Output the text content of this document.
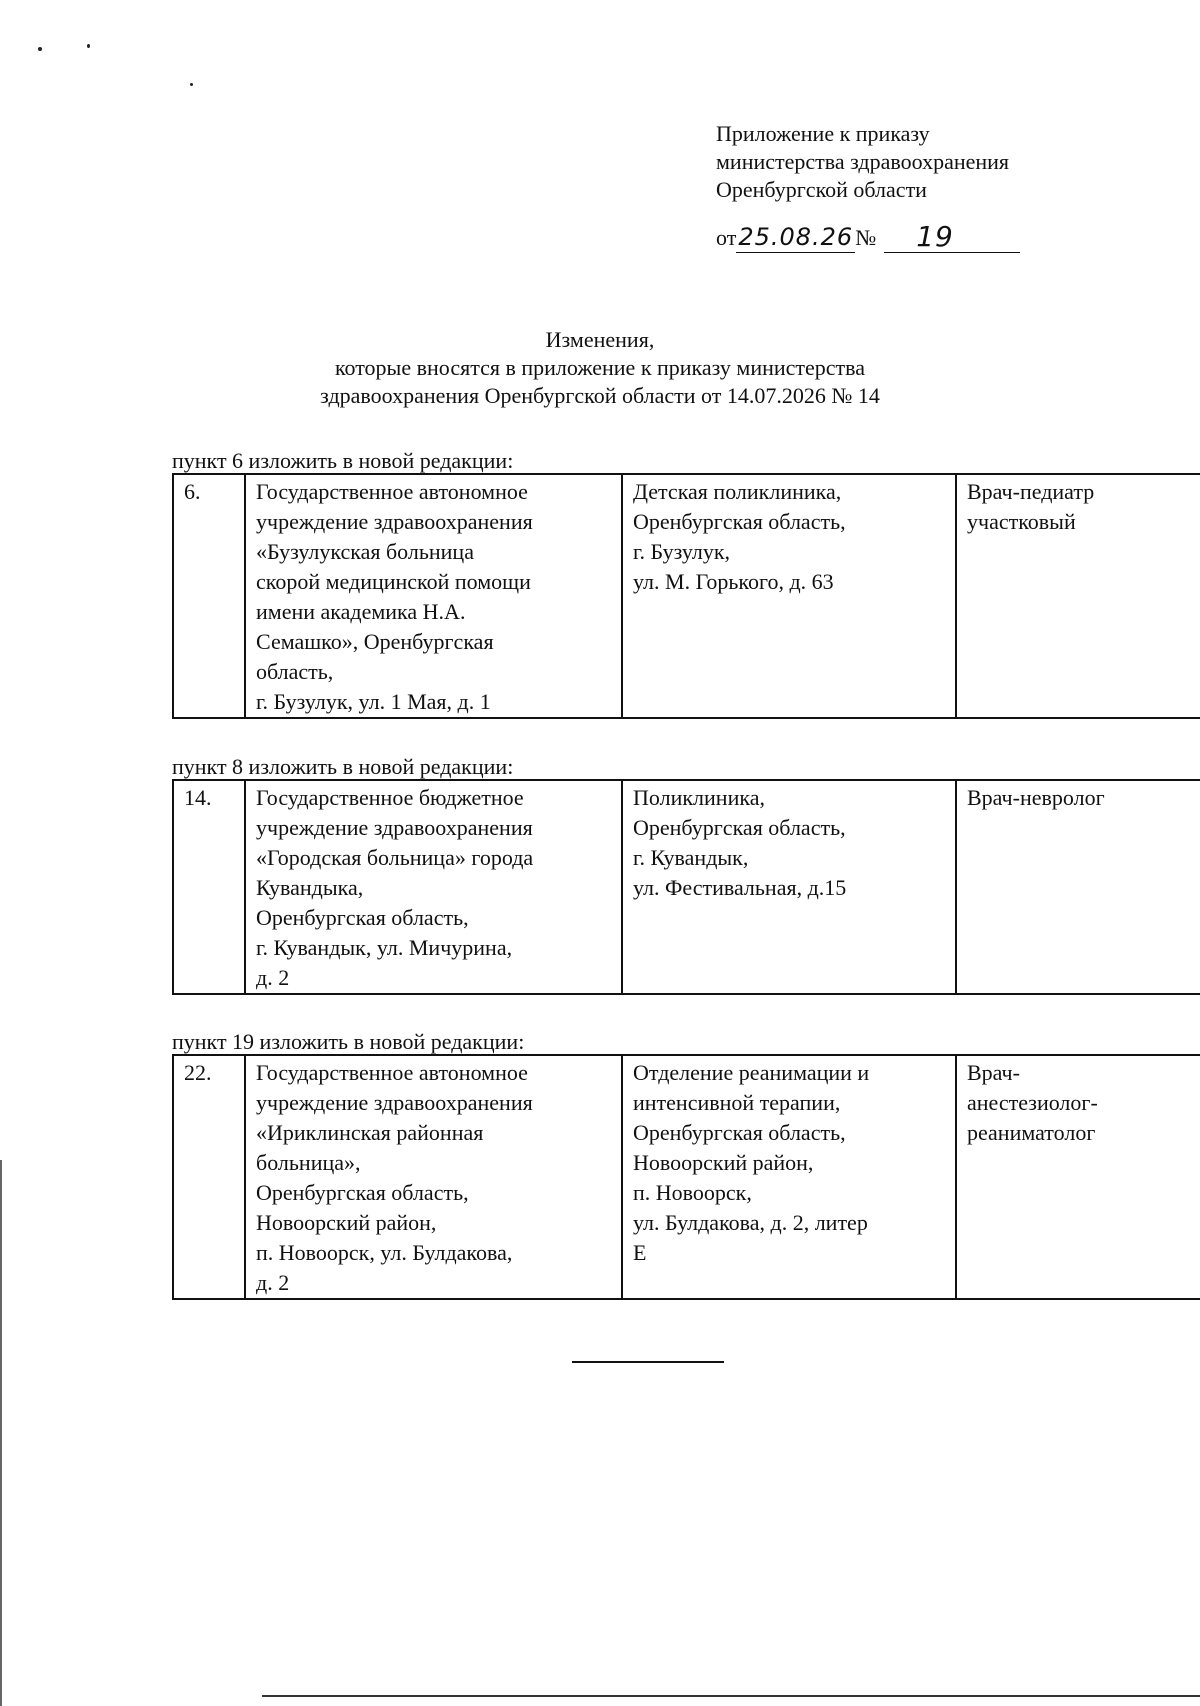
Приложение к приказу
министерства здравоохранения
Оренбургской области
от 25.08.26 №	19
Изменения,
которые вносятся в приложение к приказу министерства
здравоохранения Оренбургской области от 14.07.2026 № 14
пункт 6 изложить в новой редакции:
6.	Государственное автономное
учреждение здравоохранения
«Бузулукская больница
скорой медицинской помощи
имени академика Н.А.
Семашко», Оренбургская
область,
г. Бузулук, ул. 1 Мая, д. 1

Детская поликлиника,
Оренбургская область,
г. Бузулук,
ул. М. Горького, д. 63

Врач-педиатр
участковый
пункт 8 изложить в новой редакции:
14.	Государственное бюджетное
учреждение здравоохранения
«Городская больница» города
Кувандыка,
Оренбургская область,
г. Кувандык, ул. Мичурина,
д. 2

Поликлиника,
Оренбургская область,
г. Кувандык,
ул. Фестивальная, д.15

Врач-невролог
пункт 19 изложить в новой редакции:
22.	Государственное автономное
учреждение здравоохранения
«Ириклинская районная
больница»,
Оренбургская область,
Новоорский район,
п. Новоорск, ул. Булдакова,
д. 2

Отделение реанимации и
интенсивной терапии,
Оренбургская область,
Новоорский район,
п. Новоорск,
ул. Булдакова, д. 2, литер
Е

Врач-
анестезиолог-
реаниматолог
